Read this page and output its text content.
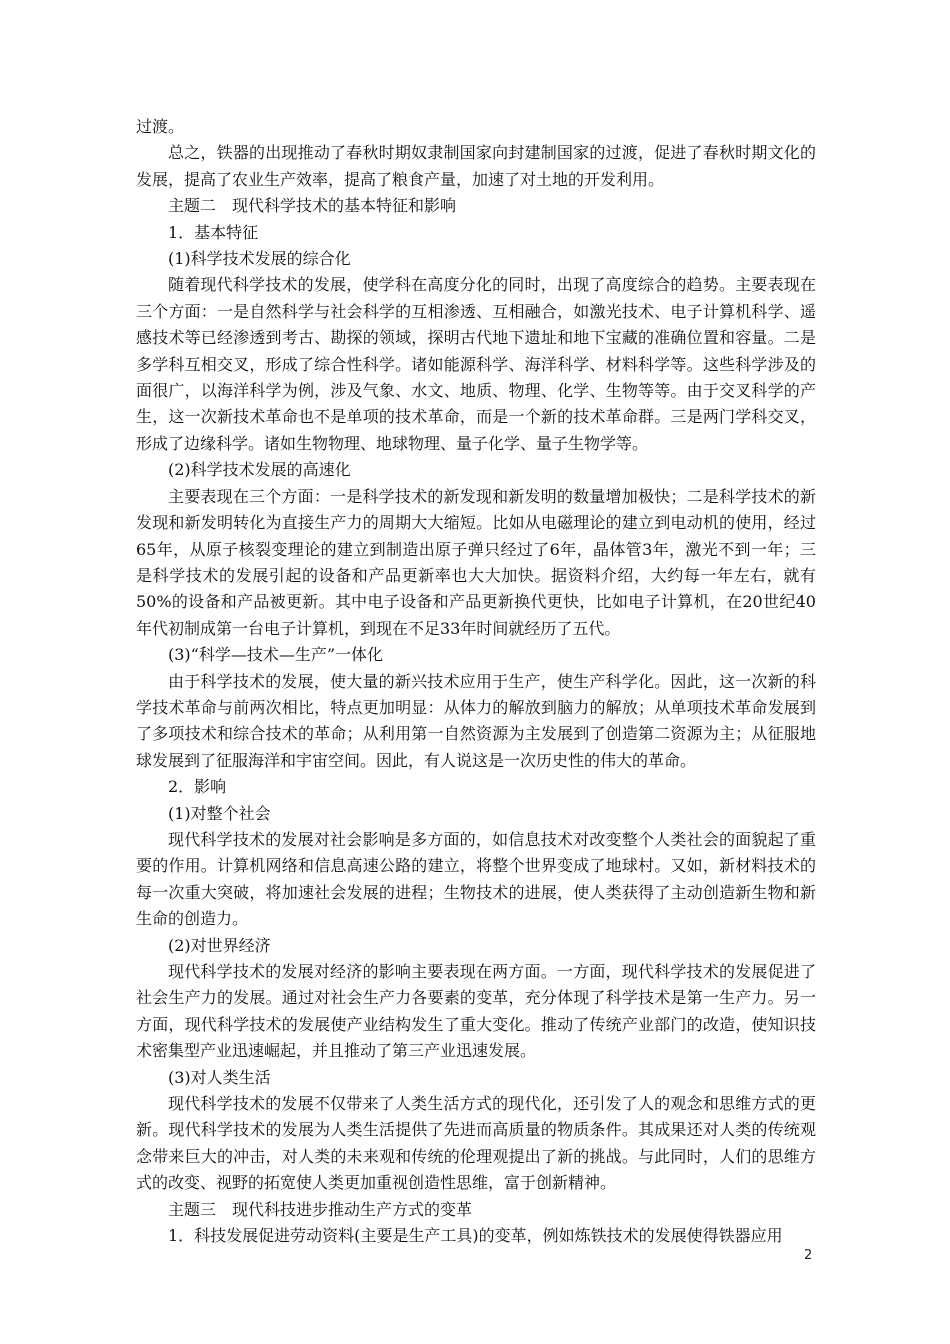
过渡。

总之，铁器的出现推动了春秋时期奴隶制国家向封建制国家的过渡，促进了春秋时期文化的发展，提高了农业生产效率，提高了粮食产量，加速了对土地的开发利用。

主题二　现代科学技术的基本特征和影响

1．基本特征

(1)科学技术发展的综合化

随着现代科学技术的发展，使学科在高度分化的同时，出现了高度综合的趋势。主要表现在三个方面：一是自然科学与社会科学的互相渗透、互相融合，如激光技术、电子计算机科学、遥感技术等已经渗透到考古、勘探的领域，探明古代地下遗址和地下宝藏的准确位置和容量。二是多学科互相交叉，形成了综合性科学。诸如能源科学、海洋科学、材料科学等。这些科学涉及的面很广，以海洋科学为例，涉及气象、水文、地质、物理、化学、生物等等。由于交叉科学的产生，这一次新技术革命也不是单项的技术革命，而是一个新的技术革命群。三是两门学科交叉，形成了边缘科学。诸如生物物理、地球物理、量子化学、量子生物学等。

(2)科学技术发展的高速化

主要表现在三个方面：一是科学技术的新发现和新发明的数量增加极快；二是科学技术的新发现和新发明转化为直接生产力的周期大大缩短。比如从电磁理论的建立到电动机的使用，经过65年，从原子核裂变理论的建立到制造出原子弹只经过了6年，晶体管3年，激光不到一年；三是科学技术的发展引起的设备和产品更新率也大大加快。据资料介绍，大约每一年左右，就有50%的设备和产品被更新。其中电子设备和产品更新换代更快，比如电子计算机，在20世纪40年代初制成第一台电子计算机，到现在不足33年时间就经历了五代。

(3)“科学—技术—生产”一体化

由于科学技术的发展，使大量的新兴技术应用于生产，使生产科学化。因此，这一次新的科学技术革命与前两次相比，特点更加明显：从体力的解放到脑力的解放；从单项技术革命发展到了多项技术和综合技术的革命；从利用第一自然资源为主发展到了创造第二资源为主；从征服地球发展到了征服海洋和宇宙空间。因此，有人说这是一次历史性的伟大的革命。

2．影响

(1)对整个社会

现代科学技术的发展对社会影响是多方面的，如信息技术对改变整个人类社会的面貌起了重要的作用。计算机网络和信息高速公路的建立，将整个世界变成了地球村。又如，新材料技术的每一次重大突破，将加速社会发展的进程；生物技术的进展，使人类获得了主动创造新生物和新生命的创造力。

(2)对世界经济

现代科学技术的发展对经济的影响主要表现在两方面。一方面，现代科学技术的发展促进了社会生产力的发展。通过对社会生产力各要素的变革，充分体现了科学技术是第一生产力。另一方面，现代科学技术的发展使产业结构发生了重大变化。推动了传统产业部门的改造，使知识技术密集型产业迅速崛起，并且推动了第三产业迅速发展。

(3)对人类生活

现代科学技术的发展不仅带来了人类生活方式的现代化，还引发了人的观念和思维方式的更新。现代科学技术的发展为人类生活提供了先进而高质量的物质条件。其成果还对人类的传统观念带来巨大的冲击，对人类的未来观和传统的伦理观提出了新的挑战。与此同时，人们的思维方式的改变、视野的拓宽使人类更加重视创造性思维，富于创新精神。

主题三　现代科技进步推动生产方式的变革

1．科技发展促进劳动资料(主要是生产工具)的变革，例如炼铁技术的发展使得铁器应用

2
